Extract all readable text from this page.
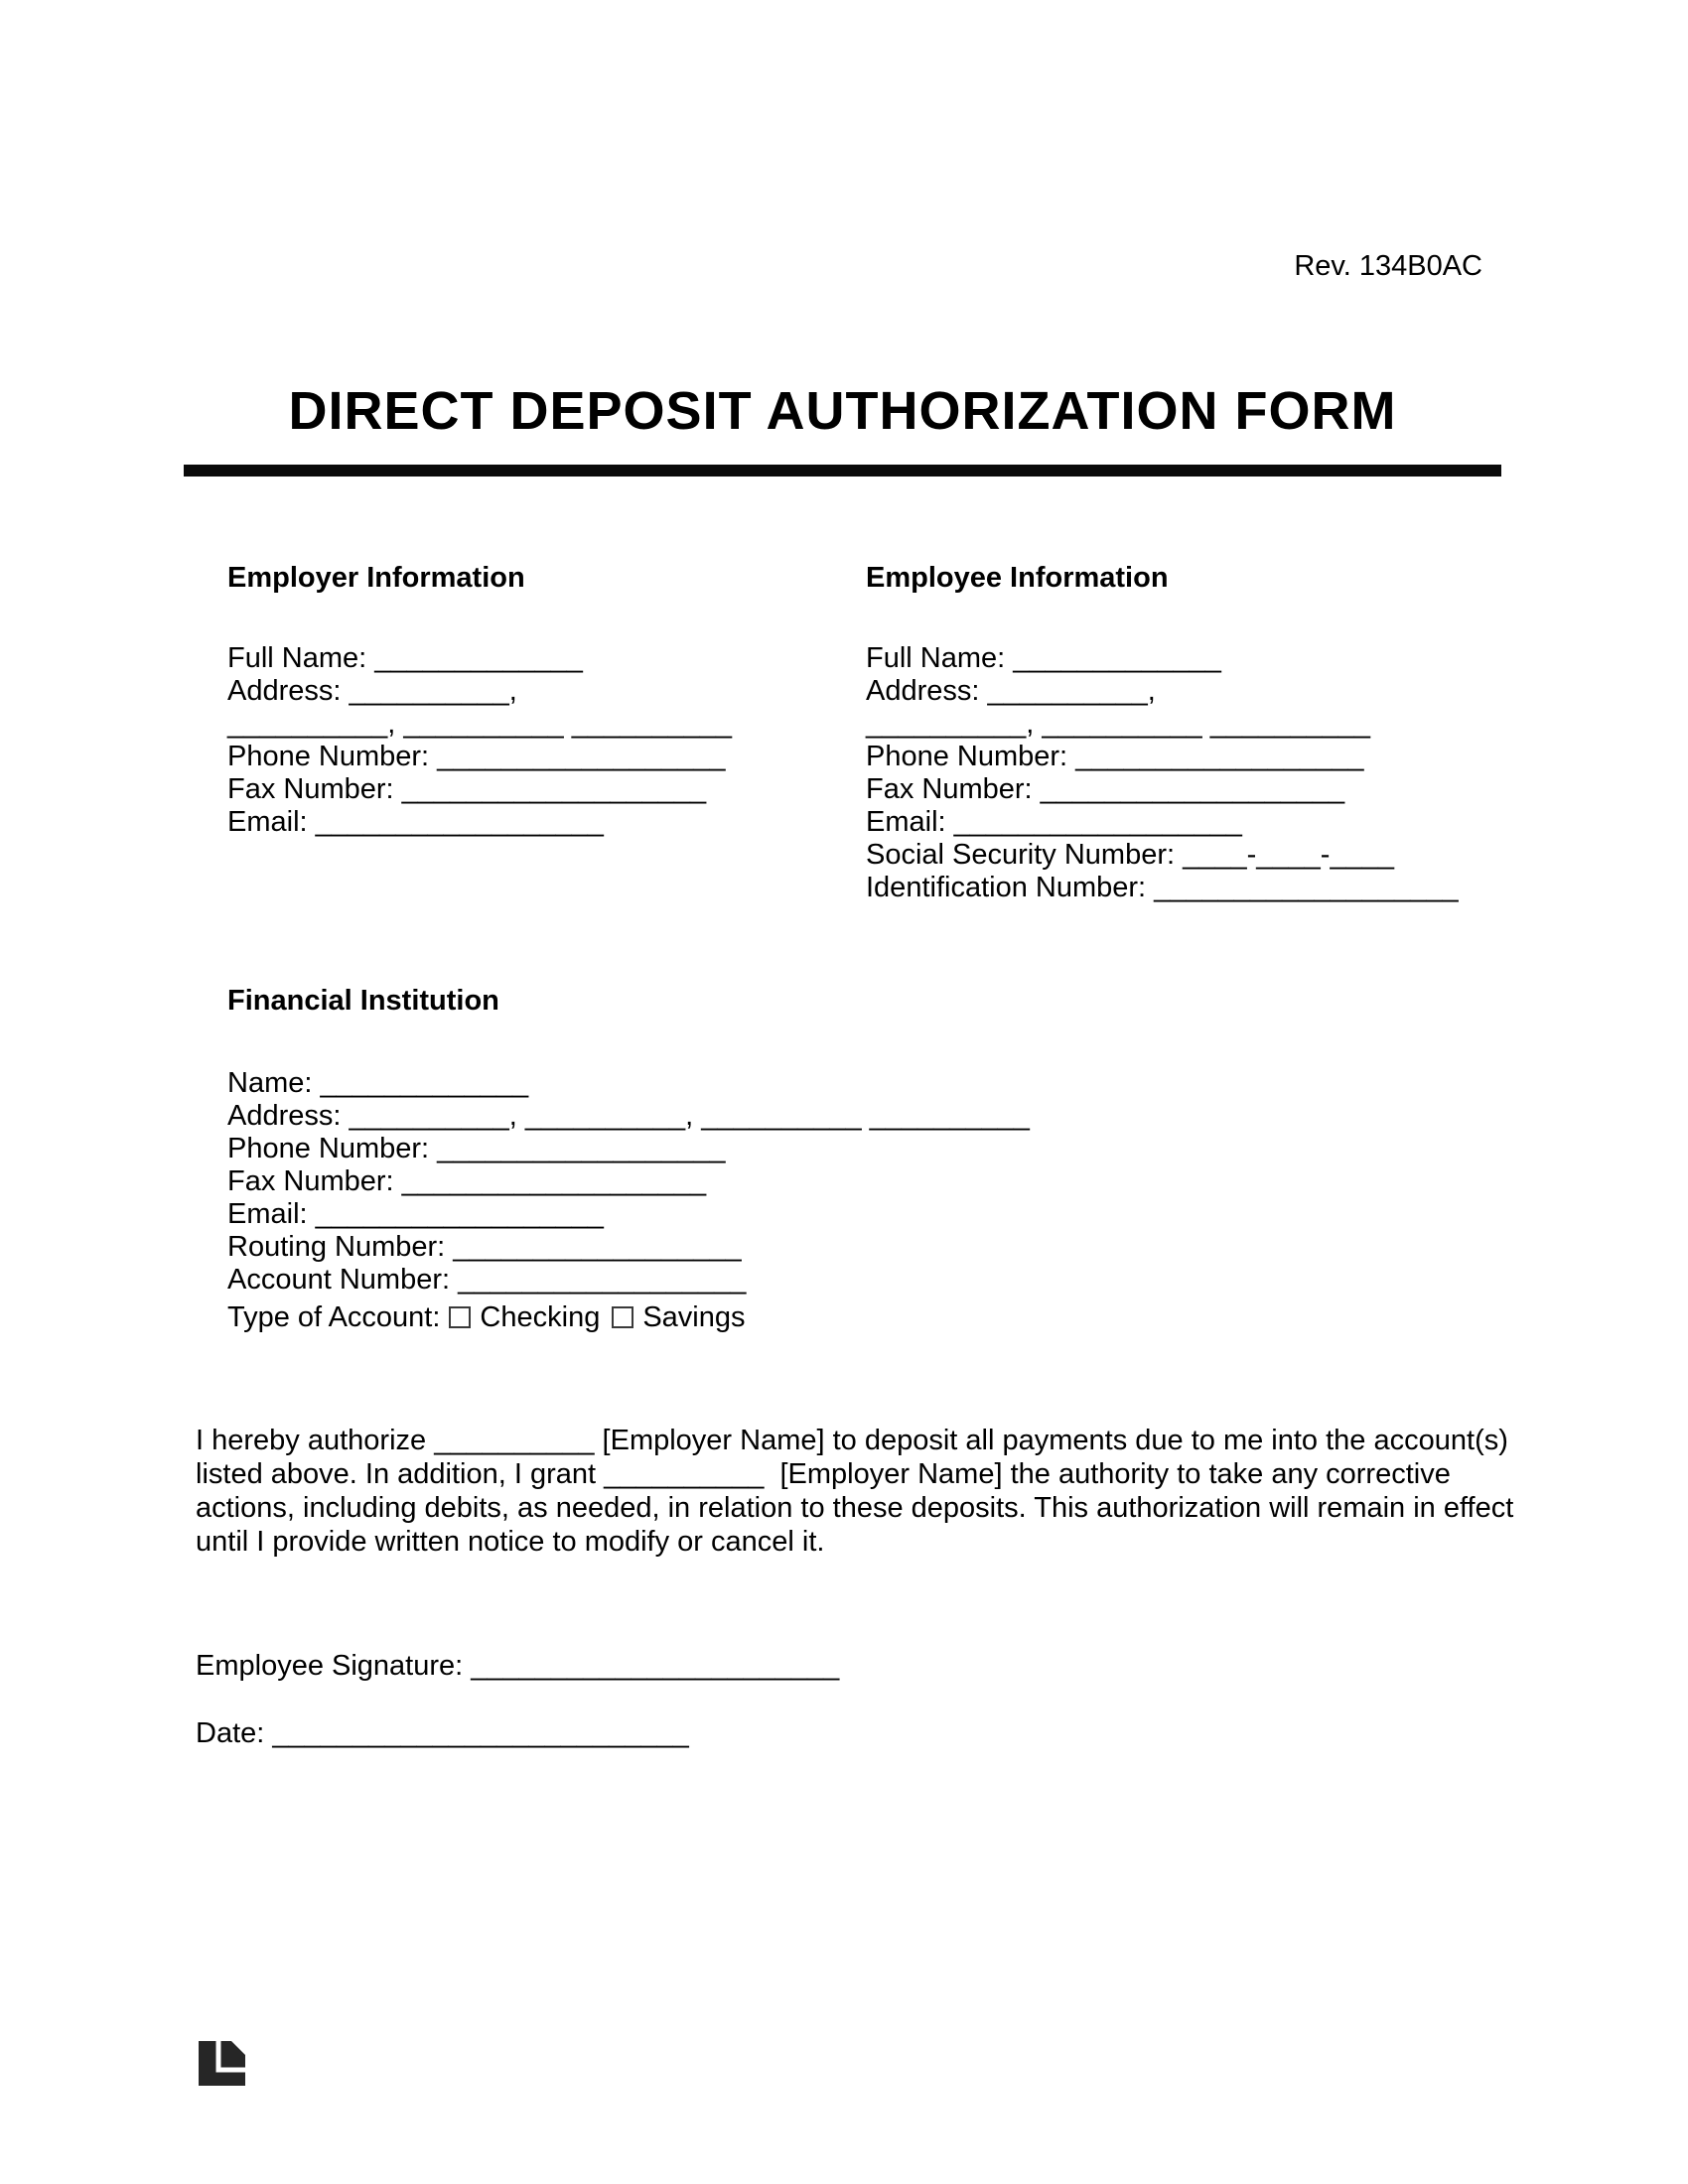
Rev. 134B0AC
DIRECT DEPOSIT AUTHORIZATION FORM
Employer Information
Full Name: _____________
Address: __________,
__________, __________ __________
Phone Number: __________________
Fax Number: ___________________
Email: __________________
Employee Information
Full Name: _____________
Address: __________,
__________, __________ __________
Phone Number: __________________
Fax Number: ___________________
Email: __________________
Social Security Number: ____-____-____
Identification Number: ___________________
Financial Institution
Name: _____________
Address: __________, __________, __________ __________
Phone Number: __________________
Fax Number: ___________________
Email: __________________
Routing Number: __________________
Account Number: __________________
Type of Account: Checking Savings
I hereby authorize __________ [Employer Name] to deposit all payments due to me into the account(s)
listed above. In addition, I grant __________  [Employer Name] the authority to take any corrective
actions, including debits, as needed, in relation to these deposits. This authorization will remain in effect
until I provide written notice to modify or cancel it.
Employee Signature: _______________________
Date: __________________________
